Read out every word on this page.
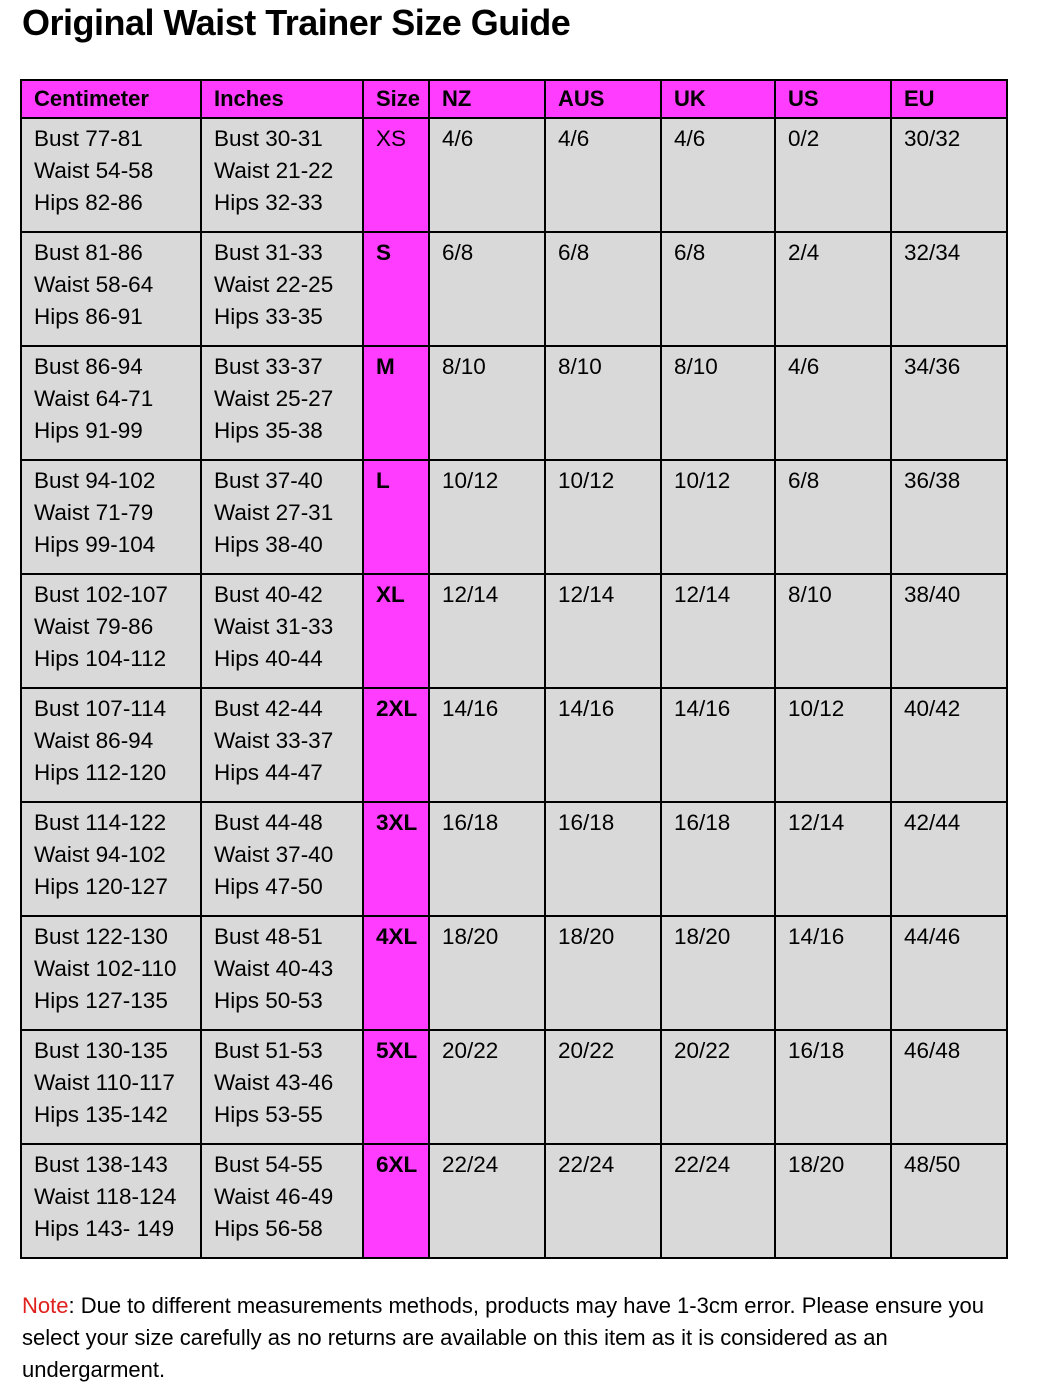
Original Waist Trainer Size Guide
Centimeter	Inches	Size	NZ	AUS	UK	US	EU

Bust 77-81
Waist 54-58
Hips 82-86	Bust 30-31
Waist 21-22
Hips 32-33	XS	4/6	4/6	4/6	0/2	30/32

Bust 81-86
Waist 58-64
Hips 86-91	Bust 31-33
Waist 22-25
Hips 33-35	S	6/8	6/8	6/8	2/4	32/34

Bust 86-94
Waist 64-71
Hips 91-99	Bust 33-37
Waist 25-27
Hips 35-38	M	8/10	8/10	8/10	4/6	34/36

Bust 94-102
Waist 71-79
Hips 99-104	Bust 37-40
Waist 27-31
Hips 38-40	L	10/12	10/12	10/12	6/8	36/38

Bust 102-107
Waist 79-86
Hips 104-112	Bust 40-42
Waist 31-33
Hips 40-44	XL	12/14	12/14	12/14	8/10	38/40

Bust 107-114
Waist 86-94
Hips 112-120	Bust 42-44
Waist 33-37
Hips 44-47	2XL	14/16	14/16	14/16	10/12	40/42

Bust 114-122
Waist 94-102
Hips 120-127	Bust 44-48
Waist 37-40
Hips 47-50	3XL	16/18	16/18	16/18	12/14	42/44

Bust 122-130
Waist 102-110
Hips 127-135	Bust 48-51
Waist 40-43
Hips 50-53	4XL	18/20	18/20	18/20	14/16	44/46

Bust 130-135
Waist 110-117
Hips 135-142	Bust 51-53
Waist 43-46
Hips 53-55	5XL	20/22	20/22	20/22	16/18	46/48

Bust 138-143
Waist 118-124
Hips 143- 149	Bust 54-55
Waist 46-49
Hips 56-58	6XL	22/24	22/24	22/24	18/20	48/50
Note: Due to different measurements methods, products may have 1-3cm error. Please ensure you select your size carefully as no returns are available on this item as it is considered as an undergarment.
